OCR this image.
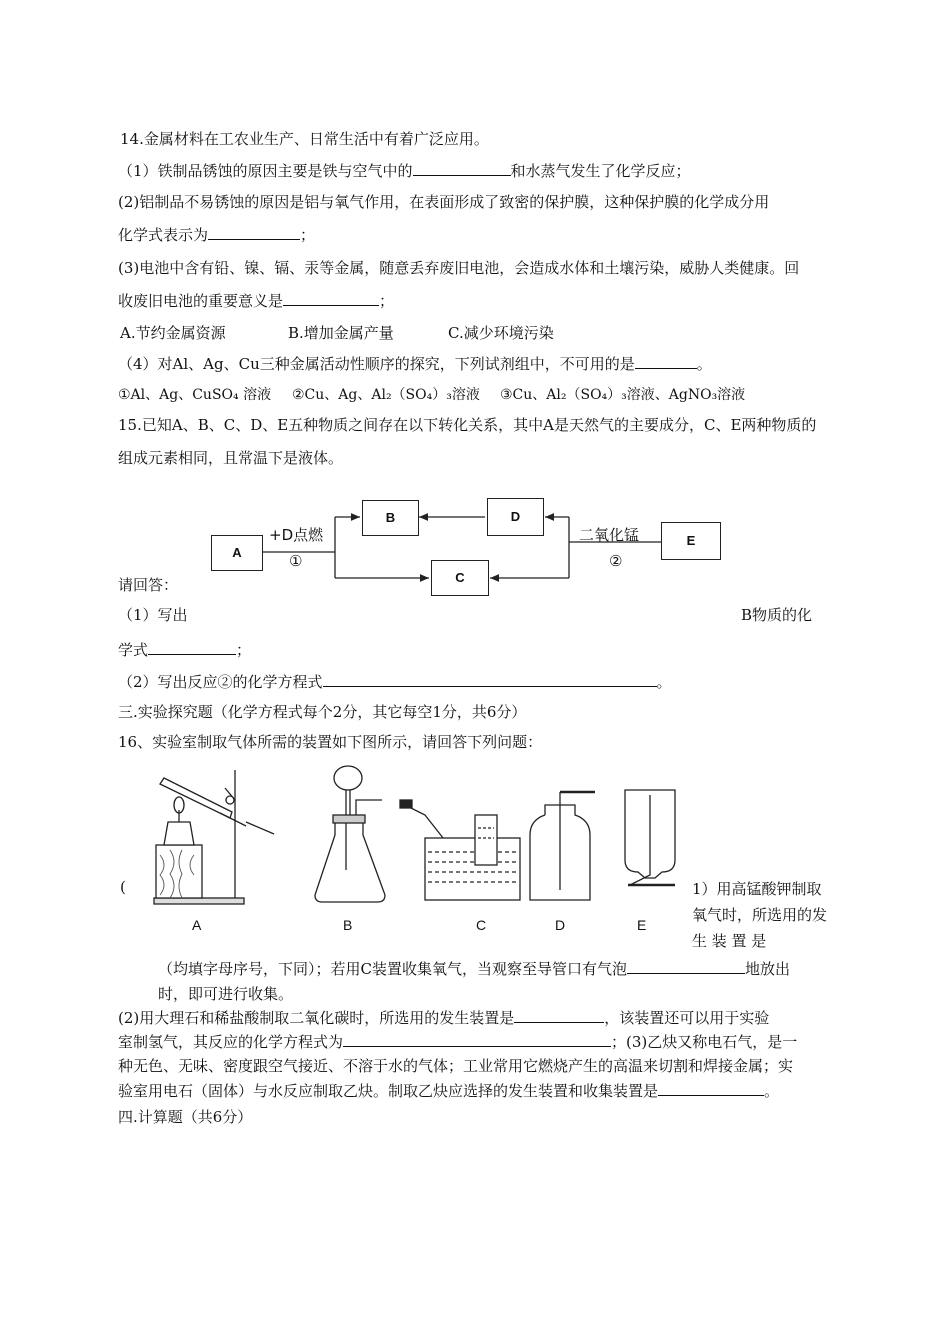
14.金属材料在工农业生产、日常生活中有着广泛应用。
（1）铁制品锈蚀的原因主要是铁与空气中的	和水蒸气发生了化学反应；
(2)铝制品不易锈蚀的原因是铝与氧气作用，在表面形成了致密的保护膜，这种保护膜的化学成分用
化学式表示为	；
(3)电池中含有铅、镍、镉、汞等金属，随意丢弃废旧电池，会造成水体和土壤污染，威胁人类健康。回
收废旧电池的重要意义是	；
A.节约金属资源	B.增加金属产量	C.减少环境污染
（4）对Al、Ag、Cu三种金属活动性顺序的探究，下列试剂组中，不可用的是	。
①Al、Ag、CuSO₄ 溶液 ②Cu、Ag、Al₂（SO₄）₃溶液 ③Cu、Al₂（SO₄）₃溶液、AgNO₃溶液
15.已知A、B、C、D、E五种物质之间存在以下转化关系，其中A是天然气的主要成分，C、E两种物质的
组成元素相同，且常温下是液体。
A
B
C
D
E
+D点燃
①
二氧化锰
②
请回答：
（1）写出	B物质的化
学式	；
（2）写出反应②的化学方程式	。
三.实验探究题（化学方程式每个2分，其它每空1分，共6分）
16、实验室制取气体所需的装置如下图所示，请回答下列问题：
A	B	C	D	E
(	1）用高锰酸钾制取
氧气时，所选用的发
生 装 置 是
（均填字母序号，下同）；若用C装置收集氧气，当观察至导管口有气泡	地放出
时，即可进行收集。
(2)用大理石和稀盐酸制取二氧化碳时，所选用的发生装置是	，该装置还可以用于实验
室制氢气，其反应的化学方程式为	；(3)乙炔又称电石气，是一
种无色、无味、密度跟空气接近、不溶于水的气体；工业常用它燃烧产生的高温来切割和焊接金属；实
验室用电石（固体）与水反应制取乙炔。制取乙炔应选择的发生装置和收集装置是	。
四.计算题（共6分）
